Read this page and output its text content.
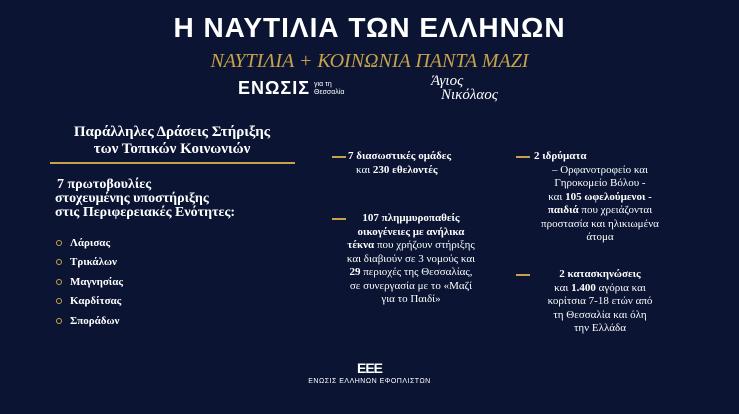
Η ΝΑΥΤΙΛΙΑ ΤΩΝ ΕΛΛΗΝΩΝ
ΝΑΥΤΙΛΙΑ + ΚΟΙΝΩΝΙΑ ΠΑΝΤΑ ΜΑΖΙ
ΕΝΩΣΙΣ για τη
Θεσσαλία
Άγιος
Νικόλαος
Παράλληλες Δράσεις Στήριξης
των Τοπικών Κοινωνιών
7 πρωτοβουλίες
στοχευμένης υποστήριξης
στις Περιφερειακές Ενότητες:
Λάρισας
Τρικάλων
Μαγνησίας
Καρδίτσας
Σποράδων
7 διασωστικές ομάδες
και 230 εθελοντές
107 πλημμυροπαθείς
οικογένειες με ανήλικα
τέκνα που χρήζουν στήριξης
και διαβιούν σε 3 νομούς και
29 περιοχές της Θεσσαλίας,
σε συνεργασία με το «Μαζί
για το Παιδί»
2 ιδρύματα
– Ορφανοτροφείο και
Γηροκομείο Βόλου -
και 105 ωφελούμενοι -
παιδιά που χρειάζονται
προστασία και ηλικιωμένα
άτομα
2 κατασκηνώσεις
και 1.400 αγόρια και
κορίτσια 7-18 ετών από
τη Θεσσαλία και όλη
την Ελλάδα
ΕΕΕ
ΕΝΩΣΙΣ ΕΛΛΗΝΩΝ ΕΦΟΠΛΙΣΤΩΝ
